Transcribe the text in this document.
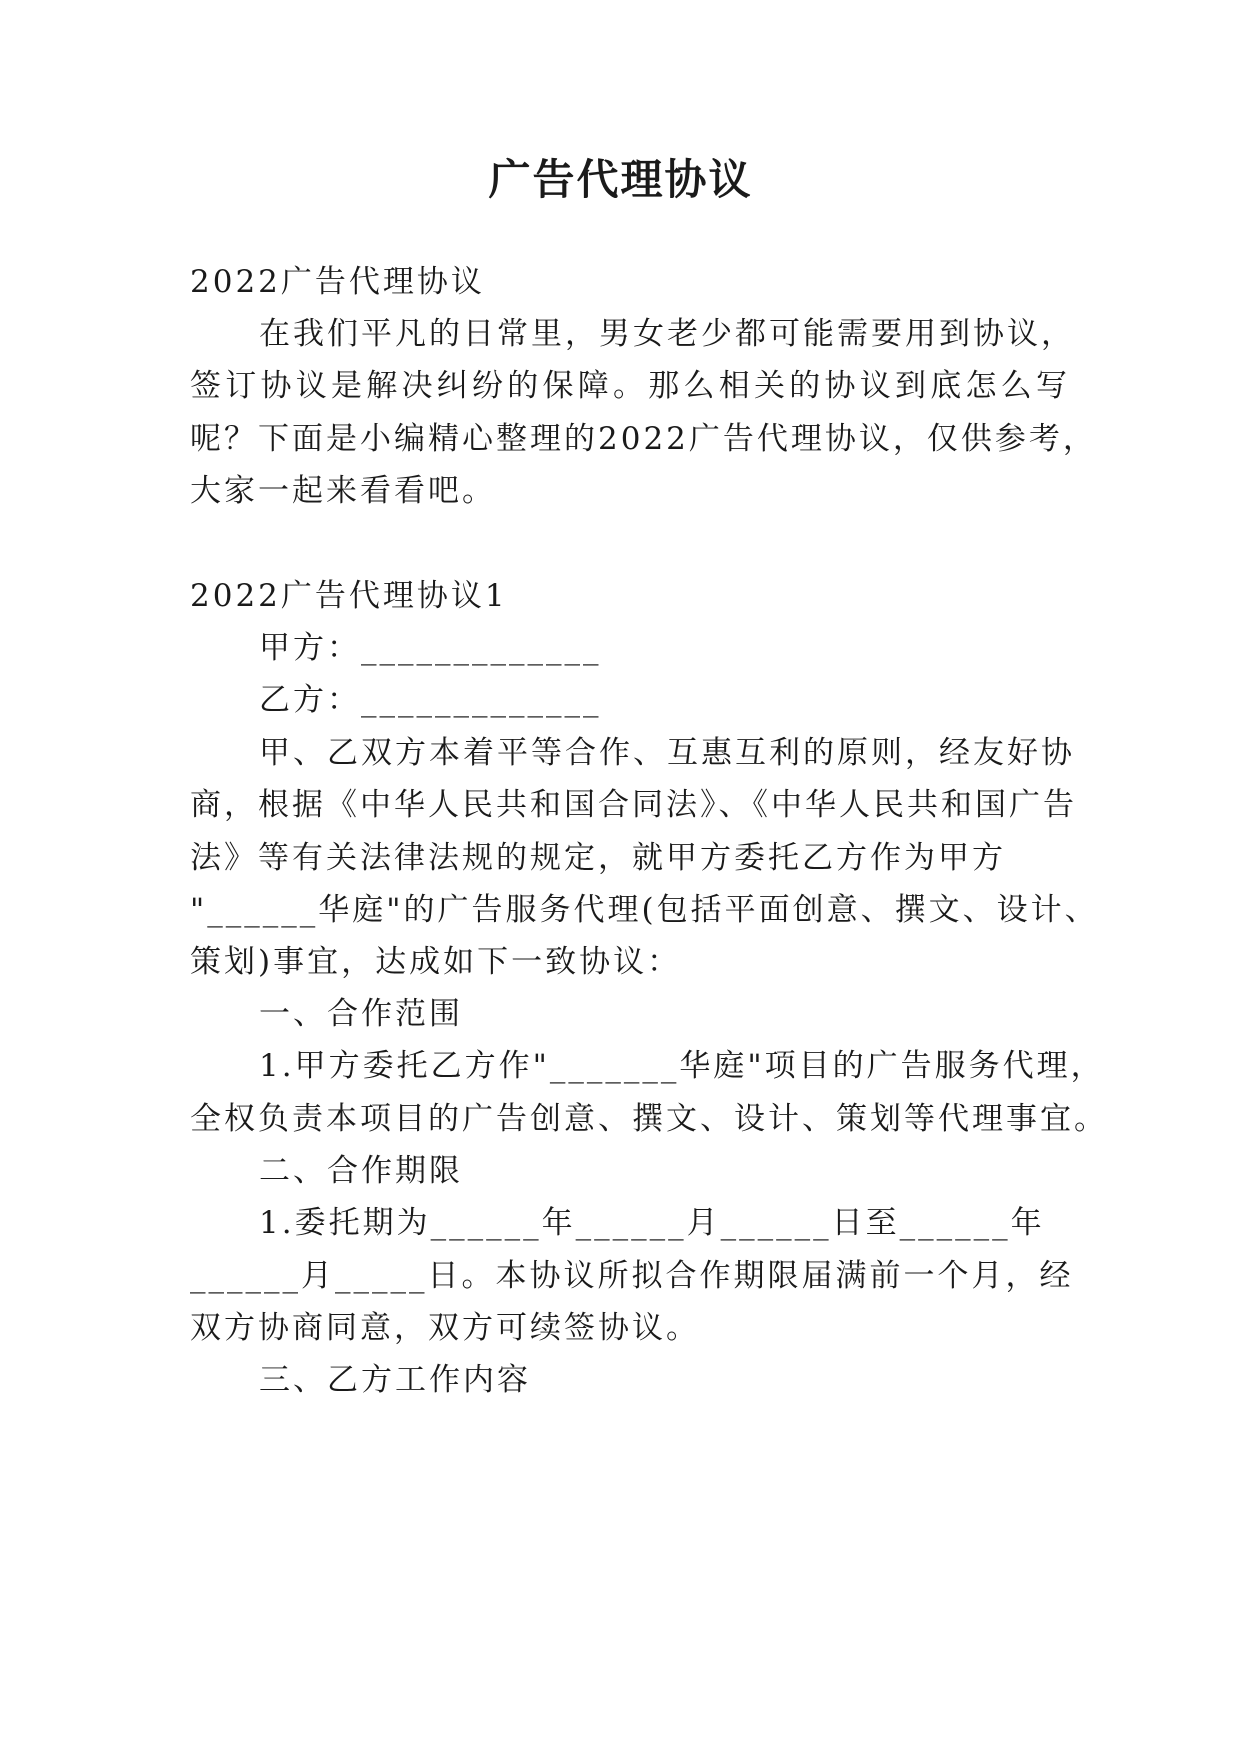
广告代理协议

2022广告代理协议

在我们平凡的日常里，男女老少都可能需要用到协议，

签订协议是解决纠纷的保障。那么相关的协议到底怎么写

呢？下面是小编精心整理的2022广告代理协议，仅供参考，

大家一起来看看吧。

2022广告代理协议1

甲方：_____________

乙方：_____________

甲、乙双方本着平等合作、互惠互利的原则，经友好协

商，根据《中华人民共和国合同法》、《中华人民共和国广告

法》等有关法律法规的规定，就甲方委托乙方作为甲方

"______华庭"的广告服务代理(包括平面创意、撰文、设计、

策划)事宜，达成如下一致协议：

一、合作范围

1.甲方委托乙方作"_______华庭"项目的广告服务代理，

全权负责本项目的广告创意、撰文、设计、策划等代理事宜。

二、合作期限

1.委托期为______年______月______日至______年

______月_____日。本协议所拟合作期限届满前一个月，经

双方协商同意，双方可续签协议。

三、乙方工作内容
